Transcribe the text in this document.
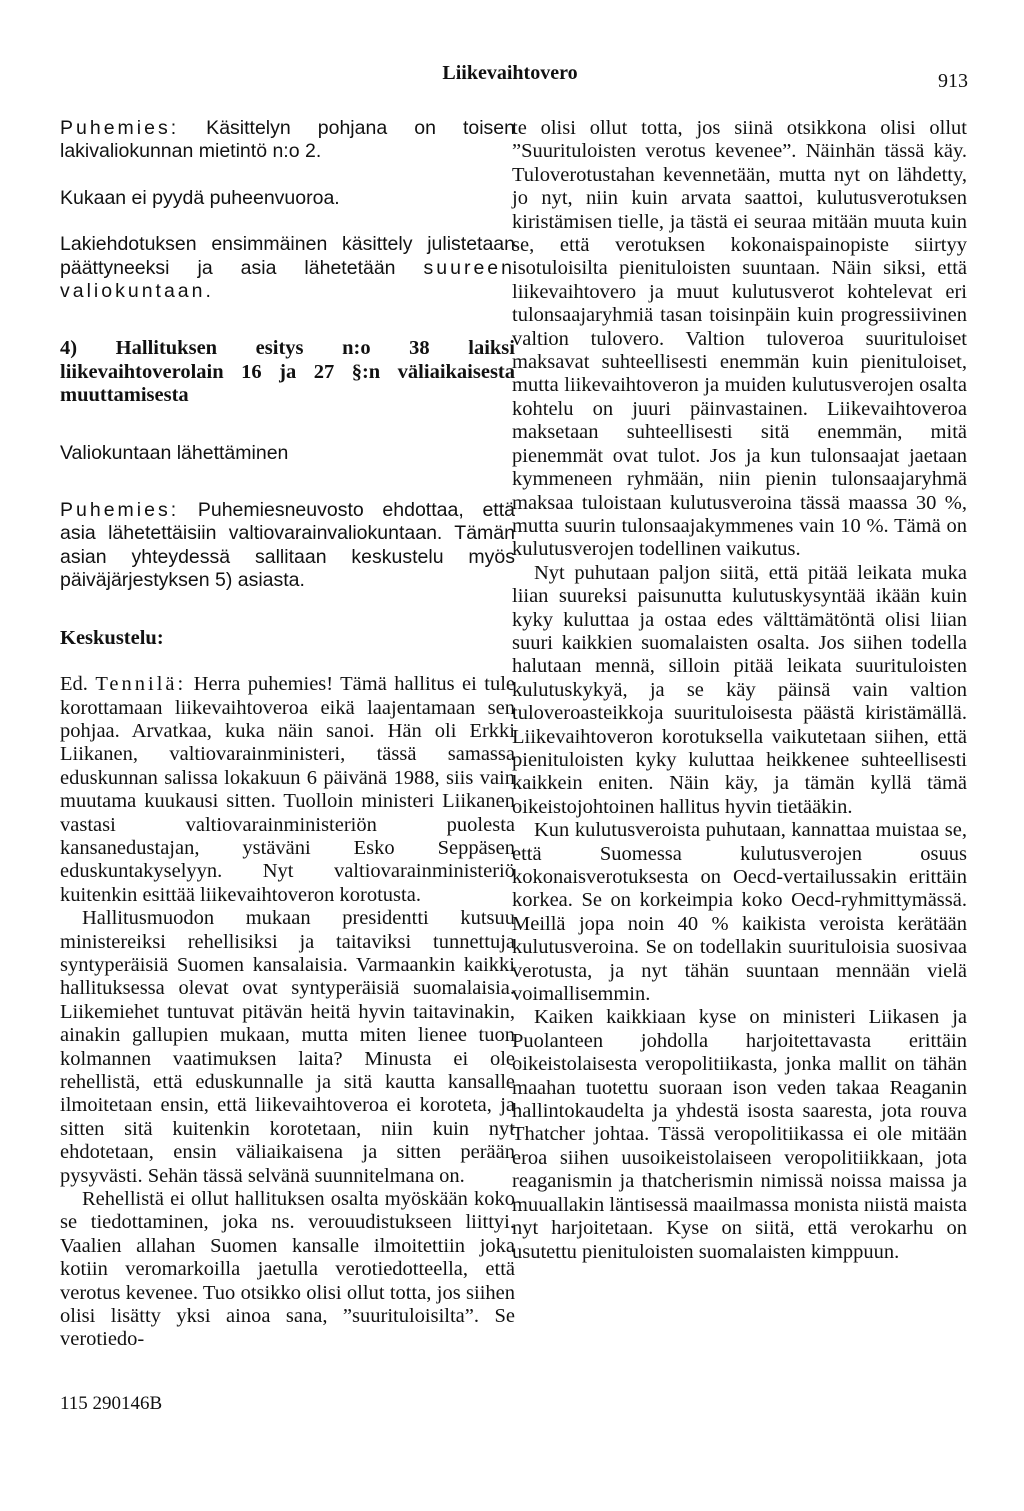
Liikevaihtovero	913

Puhemies: Käsittelyn pohjana on toisen lakivaliokunnan mietintö n:o 2.

Kukaan ei pyydä puheenvuoroa.

Lakiehdotuksen ensimmäinen käsittely julistetaan päättyneeksi ja asia lähetetään suureen valiokuntaan.

4) Hallituksen esitys n:o 38 laiksi liikevaihtoverolain 16 ja 27 §:n väliaikaisesta muuttamisesta

Valiokuntaan lähettäminen

Puhemies: Puhemiesneuvosto ehdottaa, että asia lähetettäisiin valtiovarainvaliokuntaan. Tämän asian yhteydessä sallitaan keskustelu myös päiväjärjestyksen 5) asiasta.

Keskustelu:

Ed. Tennilä: Herra puhemies! Tämä hallitus ei tule korottamaan liikevaihtoveroa eikä laajentamaan sen pohjaa. Arvatkaa, kuka näin sanoi. Hän oli Erkki Liikanen, valtiovarainministeri, tässä samassa eduskunnan salissa lokakuun 6 päivänä 1988, siis vain muutama kuukausi sitten. Tuolloin ministeri Liikanen vastasi valtiovarainministeriön puolesta kansanedustajan, ystäväni Esko Seppäsen eduskuntakyselyyn. Nyt valtiovarainministeriö kuitenkin esittää liikevaihtoveron korotusta.

Hallitusmuodon mukaan presidentti kutsuu ministereiksi rehellisiksi ja taitaviksi tunnettuja syntyperäisiä Suomen kansalaisia. Varmaankin kaikki hallituksessa olevat ovat syntyperäisiä suomalaisia. Liikemiehet tuntuvat pitävän heitä hyvin taitavinakin, ainakin gallupien mukaan, mutta miten lienee tuon kolmannen vaatimuksen laita? Minusta ei ole rehellistä, että eduskunnalle ja sitä kautta kansalle ilmoitetaan ensin, että liikevaihtoveroa ei koroteta, ja sitten sitä kuitenkin korotetaan, niin kuin nyt ehdotetaan, ensin väliaikaisena ja sitten perään pysyvästi. Sehän tässä selvänä suunnitelmana on.

Rehellistä ei ollut hallituksen osalta myöskään koko se tiedottaminen, joka ns. verouudistukseen liittyi. Vaalien allahan Suomen kansalle ilmoitettiin joka kotiin veromarkoilla jaetulla verotiedotteella, että verotus kevenee. Tuo otsikko olisi ollut totta, jos siihen olisi lisätty yksi ainoa sana, ”suurituloisilta”. Se verotiedo-

te olisi ollut totta, jos siinä otsikkona olisi ollut ”Suurituloisten verotus kevenee”. Näinhän tässä käy. Tuloverotustahan kevennetään, mutta nyt on lähdetty, jo nyt, niin kuin arvata saattoi, kulutusverotuksen kiristämisen tielle, ja tästä ei seuraa mitään muuta kuin se, että verotuksen kokonaispainopiste siirtyy isotuloisilta pienituloisten suuntaan. Näin siksi, että liikevaihtovero ja muut kulutusverot kohtelevat eri tulonsaajaryhmiä tasan toisinpäin kuin progressiivinen valtion tulovero. Valtion tuloveroa suurituloiset maksavat suhteellisesti enemmän kuin pienituloiset, mutta liikevaihtoveron ja muiden kulutusverojen osalta kohtelu on juuri päinvastainen. Liikevaihtoveroa maksetaan suhteellisesti sitä enemmän, mitä pienemmät ovat tulot. Jos ja kun tulonsaajat jaetaan kymmeneen ryhmään, niin pienin tulonsaajaryhmä maksaa tuloistaan kulutusveroina tässä maassa 30 %, mutta suurin tulonsaajakymmenes vain 10 %. Tämä on kulutusverojen todellinen vaikutus.

Nyt puhutaan paljon siitä, että pitää leikata muka liian suureksi paisunutta kulutuskysyntää ikään kuin kyky kuluttaa ja ostaa edes välttämätöntä olisi liian suuri kaikkien suomalaisten osalta. Jos siihen todella halutaan mennä, silloin pitää leikata suurituloisten kulutuskykyä, ja se käy päinsä vain valtion tuloveroasteikkoja suurituloisesta päästä kiristämällä. Liikevaihtoveron korotuksella vaikutetaan siihen, että pienituloisten kyky kuluttaa heikkenee suhteellisesti kaikkein eniten. Näin käy, ja tämän kyllä tämä oikeistojohtoinen hallitus hyvin tietääkin.

Kun kulutusveroista puhutaan, kannattaa muistaa se, että Suomessa kulutusverojen osuus kokonaisverotuksesta on Oecd-vertailussakin erittäin korkea. Se on korkeimpia koko Oecd-ryhmittymässä. Meillä jopa noin 40 % kaikista veroista kerätään kulutusveroina. Se on todellakin suurituloisia suosivaa verotusta, ja nyt tähän suuntaan mennään vielä voimallisemmin.

Kaiken kaikkiaan kyse on ministeri Liikasen ja Puolanteen johdolla harjoitettavasta erittäin oikeistolaisesta veropolitiikasta, jonka mallit on tähän maahan tuotettu suoraan ison veden takaa Reaganin hallintokaudelta ja yhdestä isosta saaresta, jota rouva Thatcher johtaa. Tässä veropolitiikassa ei ole mitään eroa siihen uusoikeistolaiseen veropolitiikkaan, jota reaganismin ja thatcherismin nimissä noissa maissa ja muuallakin läntisessä maailmassa monista niistä maista nyt harjoitetaan. Kyse on siitä, että verokarhu on usutettu pienituloisten suomalaisten kimppuun.

115 290146B
